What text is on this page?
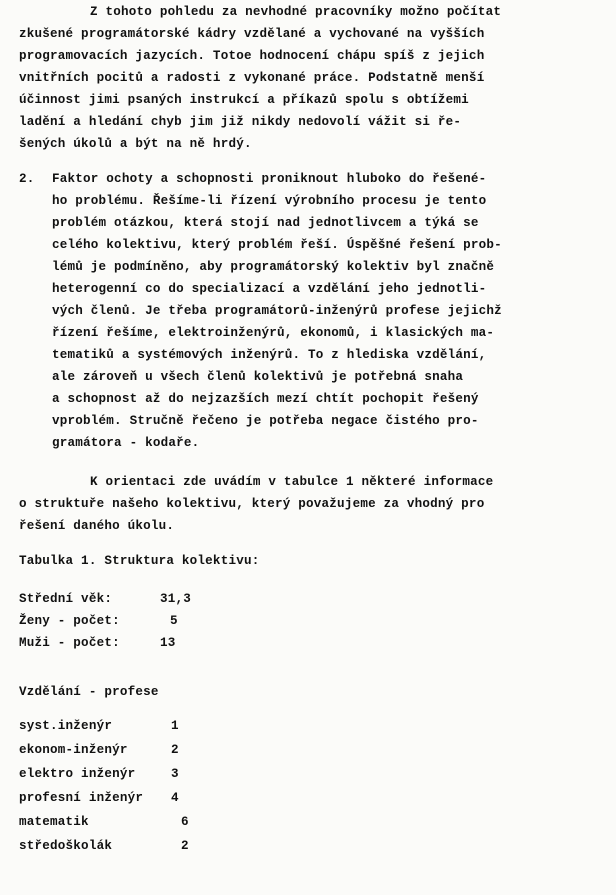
Z tohoto pohledu za nevhodné pracovníky možno počítat
zkušené programátorské kádry vzdělané a vychované na vyšších
programovacích jazycích. Totoe hodnocení chápu spíš z jejich
vnitřních pocitů a radosti z vykonané práce. Podstatně menší
účinnost jimi psaných instrukcí a příkazů spolu s obtížemi
ladění a hledání chyb jim již nikdy nedovolí vážit si ře-
šených úkolů a být na ně hrdý.
2. Faktor ochoty a schopnosti proniknout hluboko do řešené-
ho problému. Řešíme-li řízení výrobního procesu je tento
problém otázkou, která stojí nad jednotlivcem a týká se
celého kolektivu, který problém řeší. Úspěšné řešení prob-
lémů je podmíněno, aby programátorský kolektiv byl značně
heterogenní co do specializací a vzdělání jeho jednotli-
vých členů. Je třeba programátorů-inženýrů profese jejichž
řízení řešíme, elektroinženýrů, ekonomů, i klasických ma-
tematiků a systémových inženýrů. To z hlediska vzdělání,
ale zároveň u všech členů kolektivů je potřebná snaha
a schopnost až do nejzazších mezí chtít pochopit řešený
vproblém. Stručně řečeno je potřeba negace čistého pro-
gramátora - kodaře.
K orientaci zde uvádím v tabulce 1 některé informace
o struktuře našeho kolektivu, který považujeme za vhodný pro
řešení daného úkolu.
Tabulka 1. Struktura kolektivu:
Střední věk:	31,3
Ženy - počet:	5
Muži - počet:	13
Vzdělání - profese
syst.inženýr	1
ekonom-inženýr	2
elektro inženýr	3
profesní inženýr 4
matematik	6
středoškolák	2
